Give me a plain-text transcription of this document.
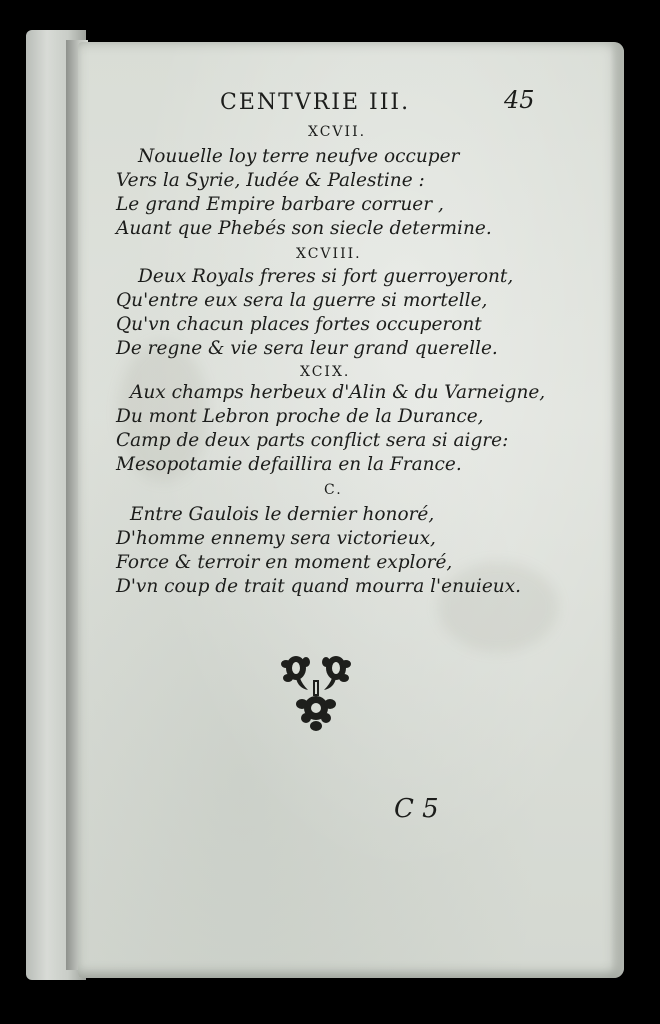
CENTVRIE III.	45
XCVII.
Nouuelle loy terre neufve occuper
Vers la Syrie, Iudée & Palestine :
Le grand Empire barbare corruer ,
Auant que Phebés son siecle determine.
XCVIII.
Deux Royals freres si fort guerroyeront,
Qu'entre eux sera la guerre si mortelle,
Qu'vn chacun places fortes occuperont
De regne & vie sera leur grand querelle.
XCIX.
Aux champs herbeux d'Alin & du Varneigne,
Du mont Lebron proche de la Durance,
Camp de deux parts conflict sera si aigre:
Mesopotamie defaillira en la France.
C.
Entre Gaulois le dernier honoré,
D'homme ennemy sera victorieux,
Force & terroir en moment exploré,
D'vn coup de trait quand mourra l'enuieux.
C 5
